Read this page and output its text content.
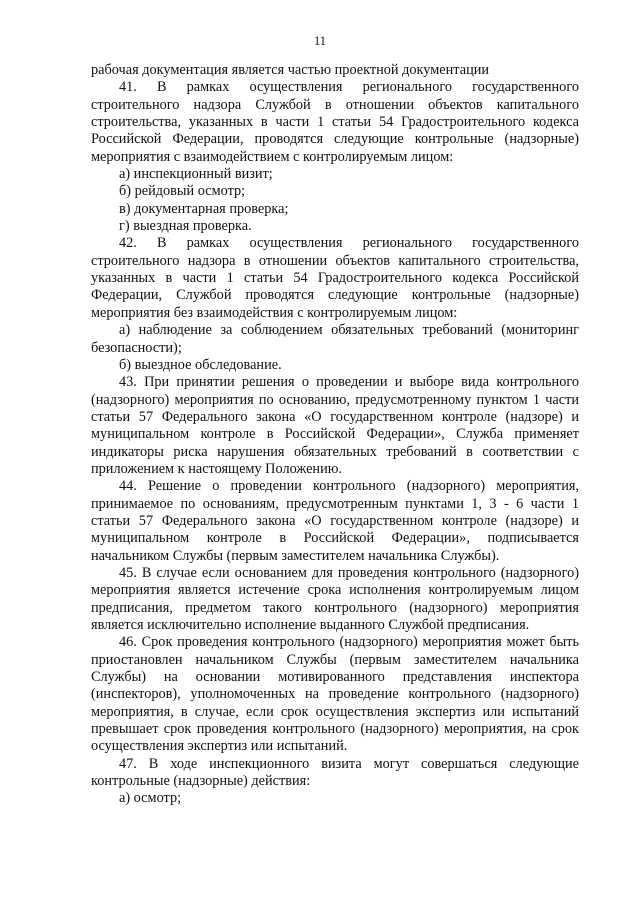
11

рабочая документация является частью проектной документации

41. В рамках осуществления регионального государственного строительного надзора Службой в отношении объектов капитального строительства, указанных в части 1 статьи 54 Градостроительного кодекса Российской Федерации, проводятся следующие контрольные (надзорные) мероприятия с взаимодействием с контролируемым лицом:

а) инспекционный визит;

б) рейдовый осмотр;

в) документарная проверка;

г) выездная проверка.

42. В рамках осуществления регионального государственного строительного надзора в отношении объектов капитального строительства, указанных в части 1 статьи 54 Градостроительного кодекса Российской Федерации, Службой проводятся следующие контрольные (надзорные) мероприятия без взаимодействия с контролируемым лицом:

а) наблюдение за соблюдением обязательных требований (мониторинг безопасности);

б) выездное обследование.

43. При принятии решения о проведении и выборе вида контрольного (надзорного) мероприятия по основанию, предусмотренному пунктом 1 части статьи 57 Федерального закона «О государственном контроле (надзоре) и муниципальном контроле в Российской Федерации», Служба применяет индикаторы риска нарушения обязательных требований в соответствии с приложением к настоящему Положению.

44. Решение о проведении контрольного (надзорного) мероприятия, принимаемое по основаниям, предусмотренным пунктами 1, 3 - 6 части 1 статьи 57 Федерального закона «О государственном контроле (надзоре) и муниципальном контроле в Российской Федерации», подписывается начальником Службы (первым заместителем начальника Службы).

45. В случае если основанием для проведения контрольного (надзорного) мероприятия является истечение срока исполнения контролируемым лицом предписания, предметом такого контрольного (надзорного) мероприятия является исключительно исполнение выданного Службой предписания.

46. Срок проведения контрольного (надзорного) мероприятия может быть приостановлен начальником Службы (первым заместителем начальника Службы) на основании мотивированного представления инспектора (инспекторов), уполномоченных на проведение контрольного (надзорного) мероприятия, в случае, если срок осуществления экспертиз или испытаний превышает срок проведения контрольного (надзорного) мероприятия, на срок осуществления экспертиз или испытаний.

47. В ходе инспекционного визита могут совершаться следующие контрольные (надзорные) действия:

а) осмотр;
